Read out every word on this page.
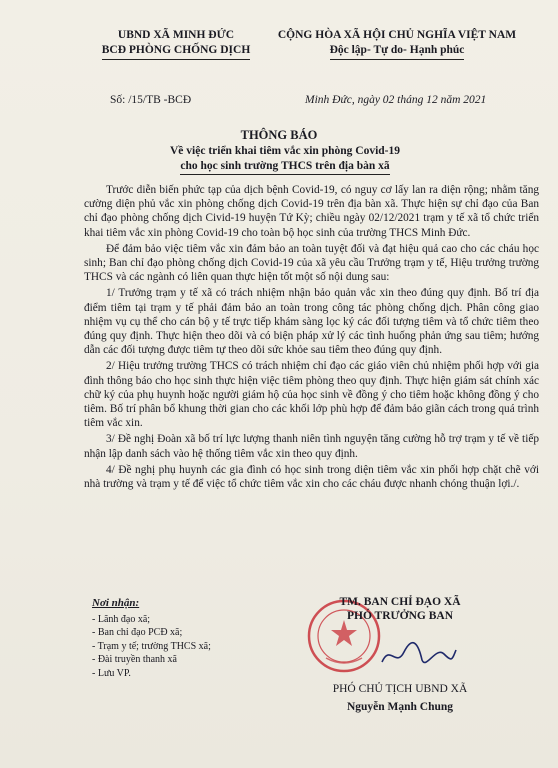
UBND XÃ MINH ĐỨC
BCĐ PHÒNG CHỐNG DỊCH
CỘNG HÒA XÃ HỘI CHỦ NGHĨA VIỆT NAM
Độc lập- Tự do- Hạnh phúc
Số: /15/TB -BCĐ	Minh Đức, ngày 02 tháng 12 năm 2021
THÔNG BÁO
Về việc triển khai tiêm vắc xin phòng Covid-19
cho học sinh trường THCS trên địa bàn xã

Trước diễn biến phức tạp của dịch bệnh Covid-19, có nguy cơ lấy lan ra diện rộng; nhằm tăng cường diện phủ vắc xin phòng chống dịch Covid-19 trên địa bàn xã. Thực hiện sự chỉ đạo của Ban chỉ đạo phòng chống dịch Civid-19 huyện Tứ Kỳ; chiều ngày 02/12/2021 trạm y tế xã tổ chức triển khai tiêm vắc xin phòng Covid-19 cho toàn bộ học sinh của trường THCS Minh Đức.

Để đảm bảo việc tiêm vắc xin đảm bảo an toàn tuyệt đối và đạt hiệu quả cao cho các cháu học sinh; Ban chỉ đạo phòng chống dịch Covid-19 của xã yêu cầu Trưởng trạm y tế, Hiệu trưởng trường THCS và các ngành có liên quan thực hiện tốt một số nội dung sau:

1/ Trưởng trạm y tế xã có trách nhiệm nhận bảo quản vắc xin theo đúng quy định. Bố trí địa điểm tiêm tại trạm y tế phải đảm bảo an toàn trong công tác phòng chống dịch. Phân công giao nhiệm vụ cụ thể cho cán bộ y tế trực tiếp khám sàng lọc ký các đối tượng tiêm và tổ chức tiêm theo đúng quy định. Thực hiện theo dõi và có biện pháp xử lý các tình huống phản ứng sau tiêm; hướng dẫn các đối tượng được tiêm tự theo dõi sức khỏe sau tiêm theo đúng quy định.

2/ Hiệu trưởng trường THCS có trách nhiệm chỉ đạo các giáo viên chủ nhiệm phối hợp với gia đình thông báo cho học sinh thực hiện việc tiêm phòng theo quy định. Thực hiện giám sát chính xác chữ ký của phụ huynh hoặc người giám hộ của học sinh về đồng ý cho tiêm hoặc không đồng ý cho tiêm. Bố trí phân bổ khung thời gian cho các khối lớp phù hợp để đảm bảo giãn cách trong quá trình tiêm vắc xin.

3/ Đề nghị Đoàn xã bố trí lực lượng thanh niên tình nguyện tăng cường hỗ trợ trạm y tế về tiếp nhận lập danh sách vào hệ thống tiêm vắc xin theo quy định.

4/ Đề nghị phụ huynh các gia đình có học sinh trong diện tiêm vắc xin phối hợp chặt chẽ với nhà trường và trạm y tế để việc tổ chức tiêm vắc xin cho các cháu được nhanh chóng thuận lợi./.

Nơi nhận:
- Lãnh đạo xã;
- Ban chỉ đạo PCĐ xã;
- Trạm y tế; trường THCS xã;
- Đài truyền thanh xã
- Lưu VP.
TM. BAN CHỈ ĐẠO XÃ
PHÓ TRƯỞNG BAN
PHÓ CHỦ TỊCH UBND XÃ
Nguyễn Mạnh Chung
